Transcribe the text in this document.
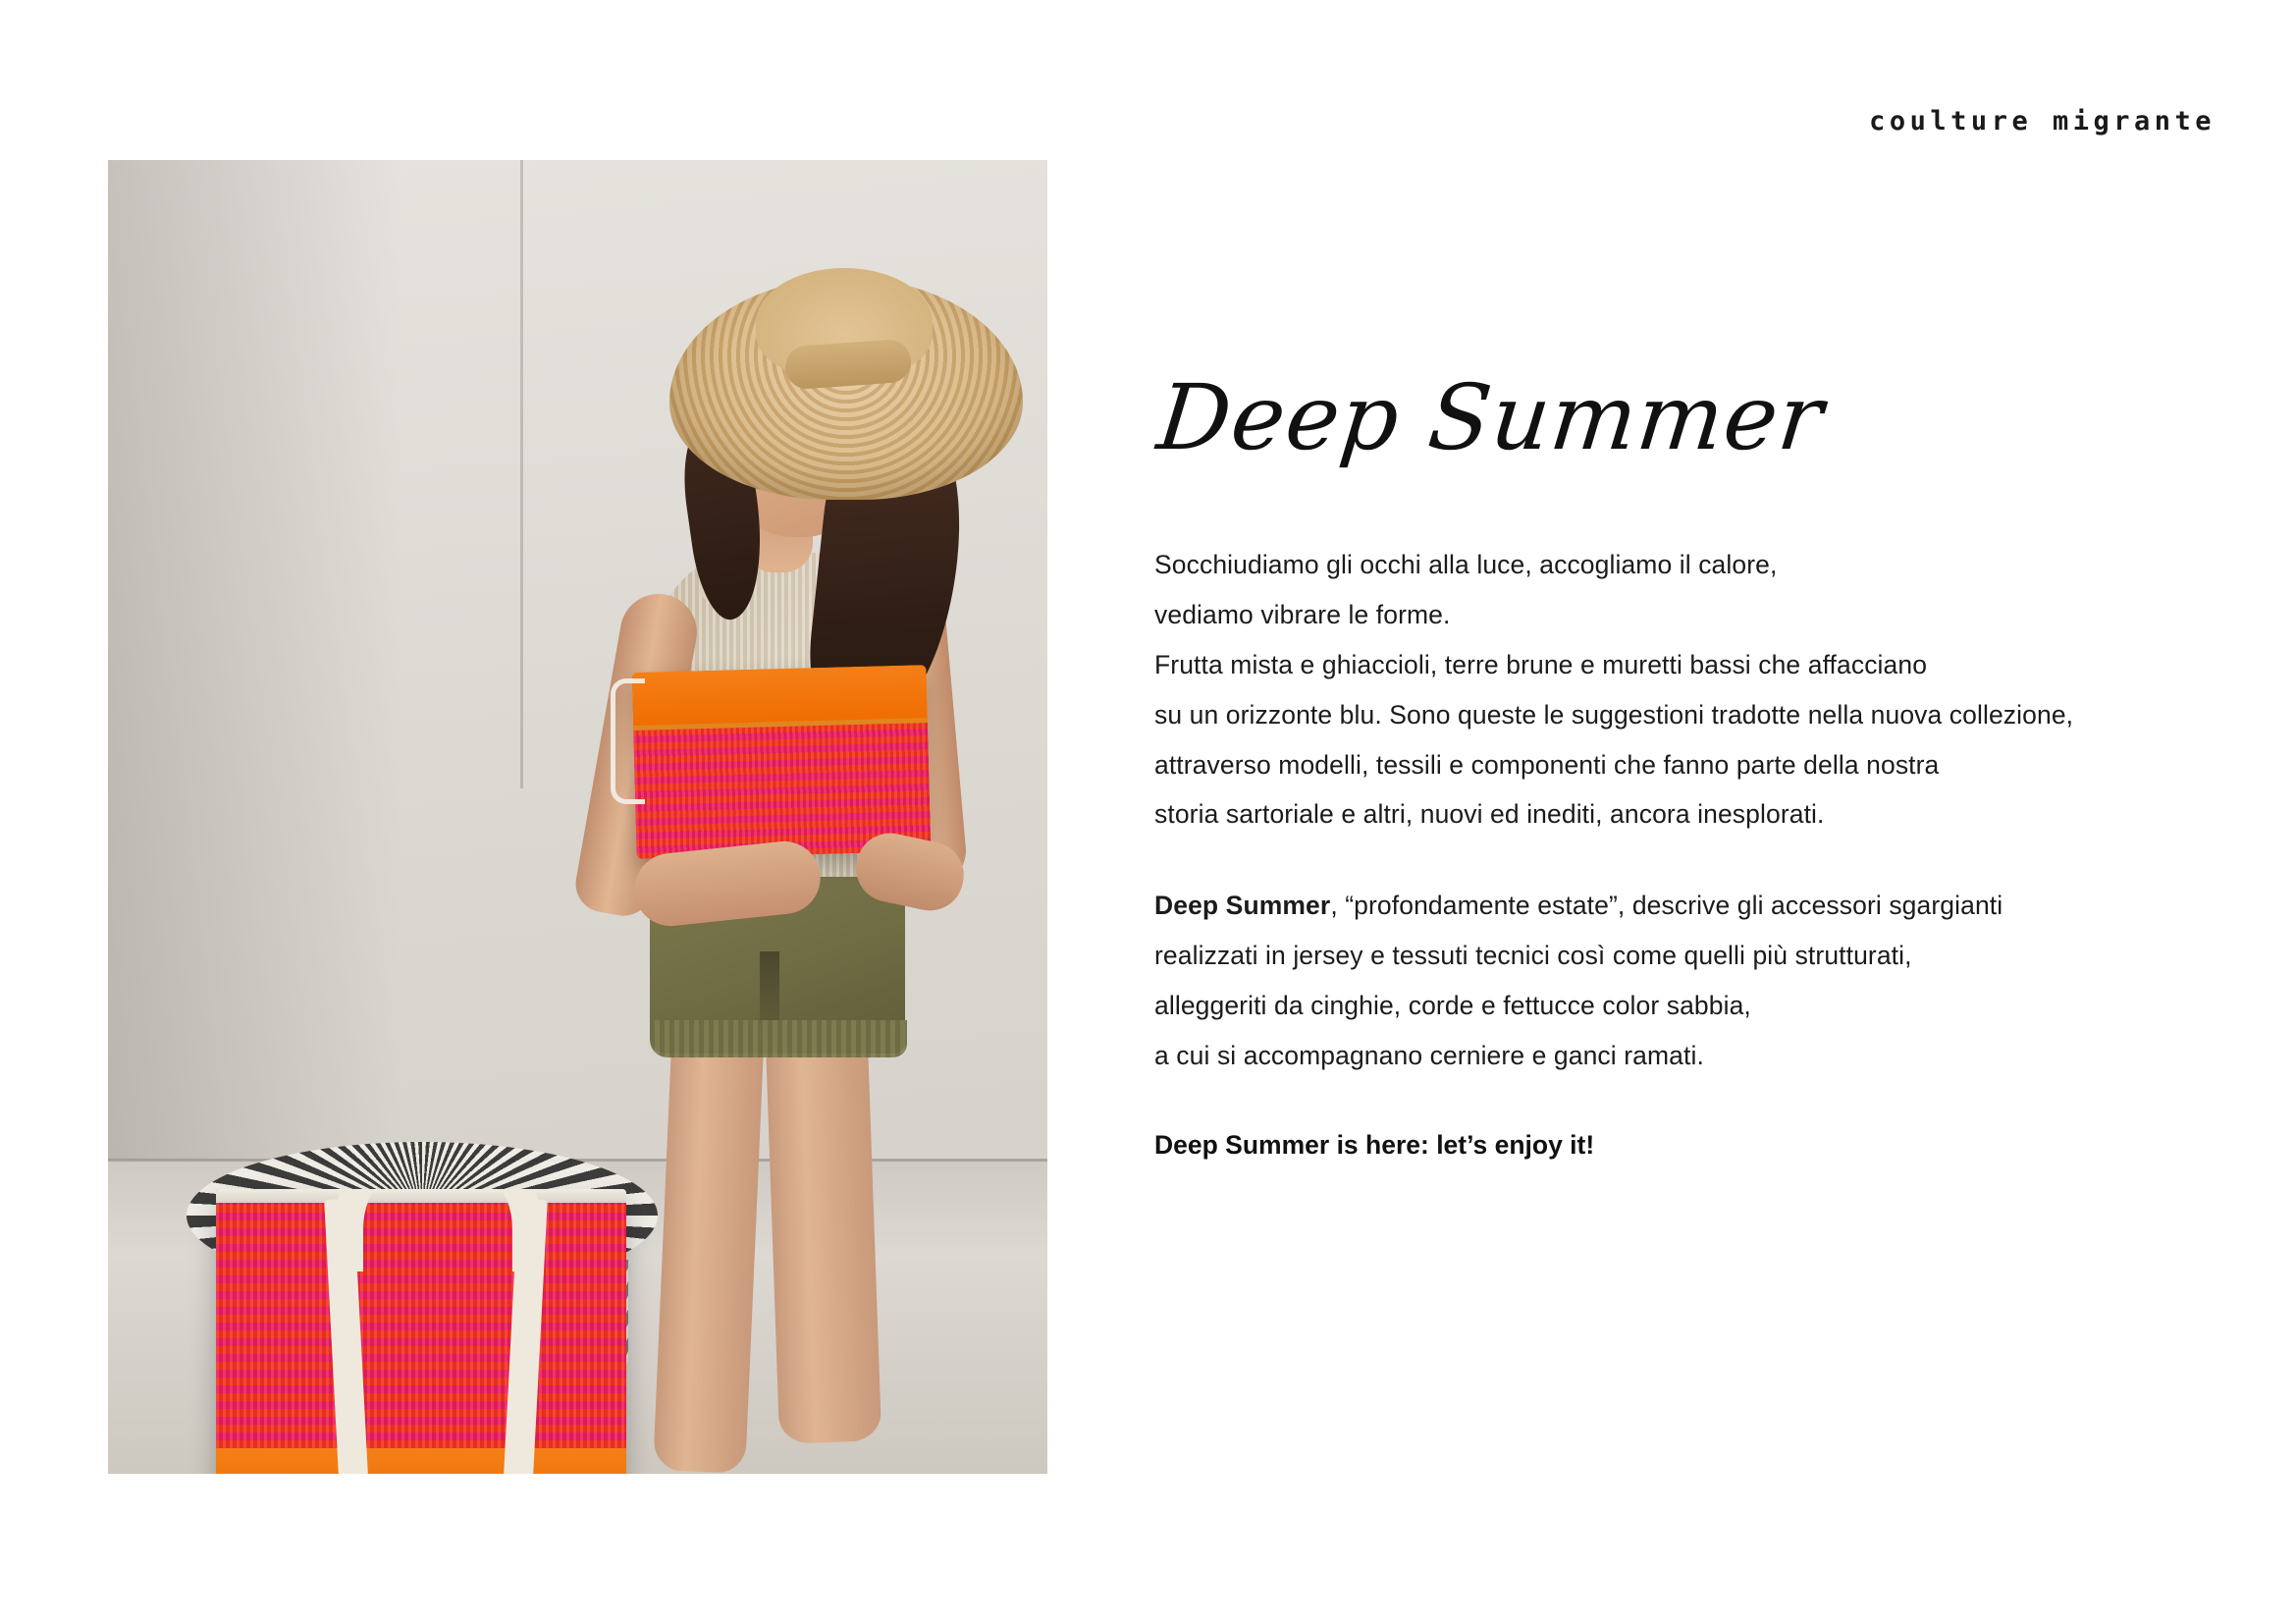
coulture migrante
Deep Summer

Socchiudiamo gli occhi alla luce, accogliamo il calore,
vediamo vibrare le forme.
Frutta mista e ghiaccioli, terre brune e muretti bassi che affacciano
su un orizzonte blu. Sono queste le suggestioni tradotte nella nuova collezione,
attraverso modelli, tessili e componenti che fanno parte della nostra
storia sartoriale e altri, nuovi ed inediti, ancora inesplorati.

Deep Summer, “profondamente estate”, descrive gli accessori sgargianti
realizzati in jersey e tessuti tecnici così come quelli più strutturati,
alleggeriti da cinghie, corde e fettucce color sabbia,
a cui si accompagnano cerniere e ganci ramati.

Deep Summer is here: let’s enjoy it!
